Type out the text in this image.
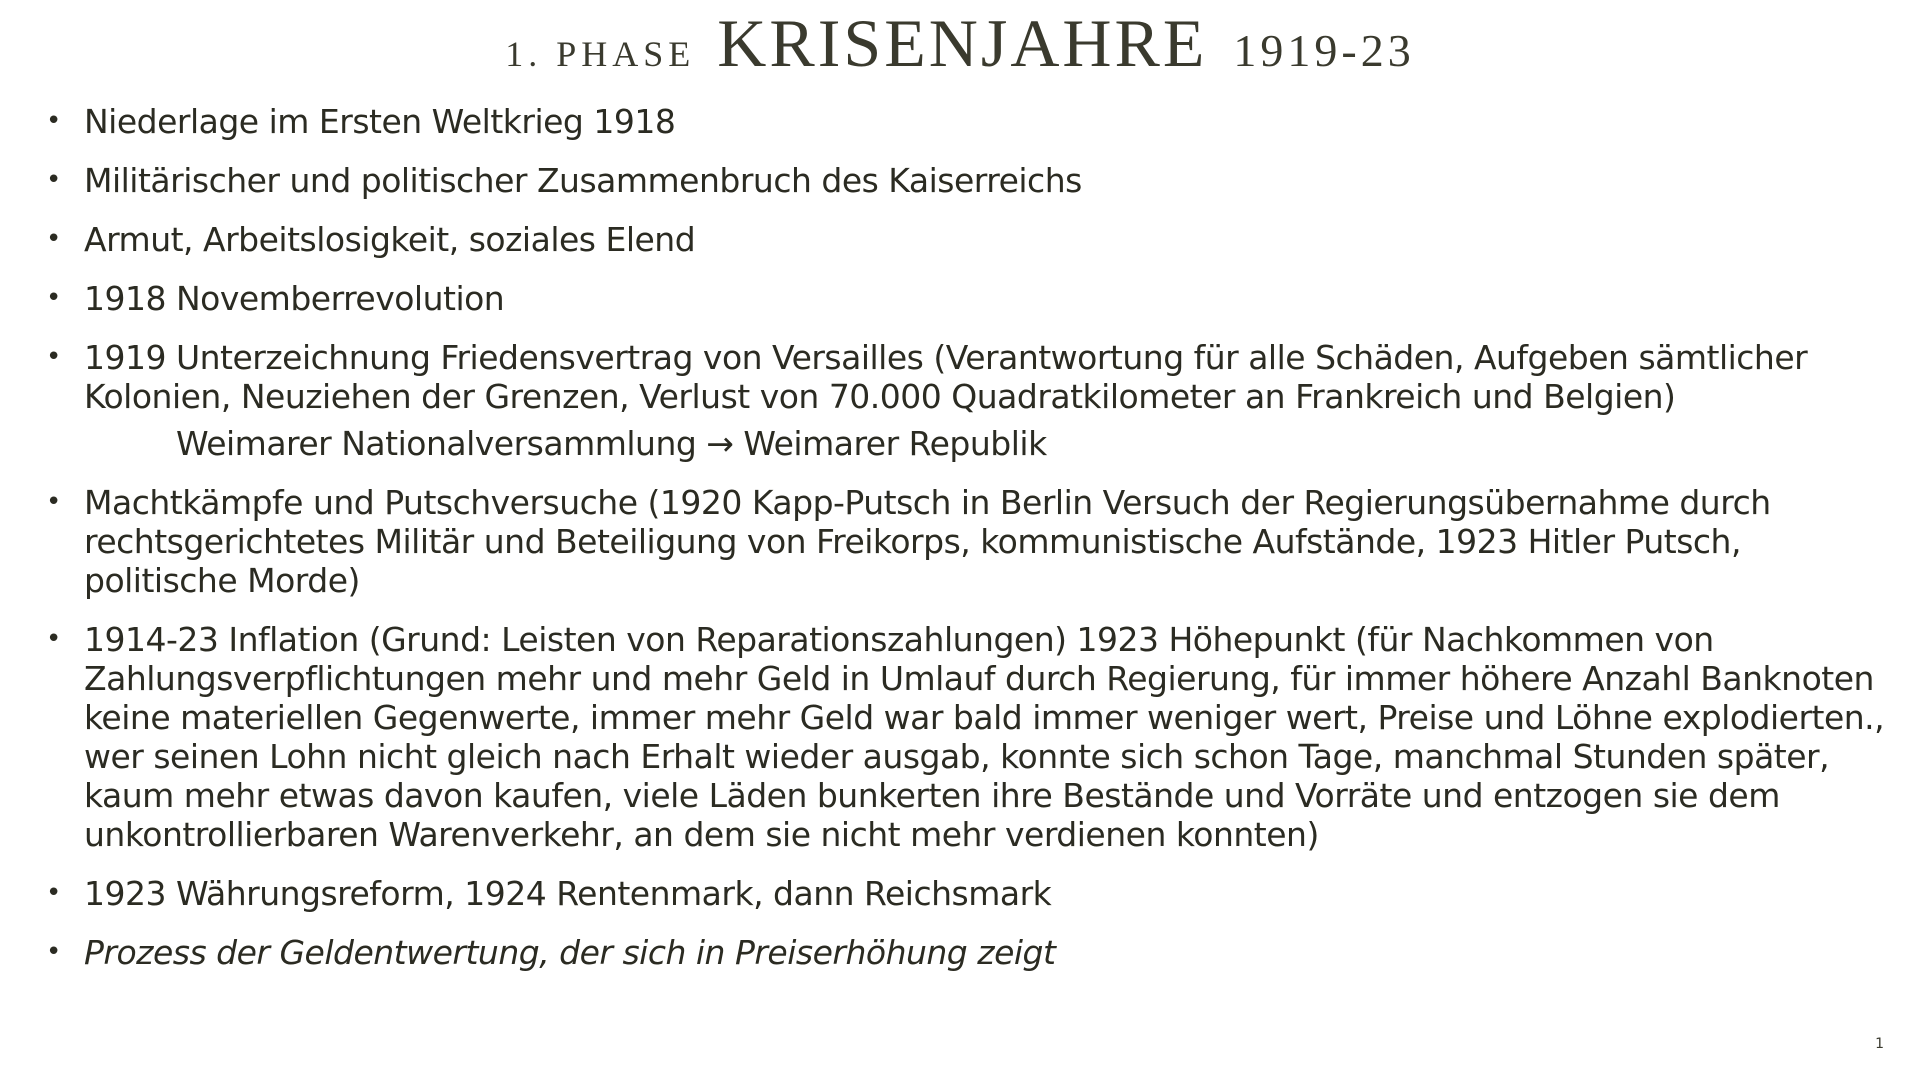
1. PHASE KRISENJAHRE 1919-23
• Niederlage im Ersten Weltkrieg 1918
• Militärischer und politischer Zusammenbruch des Kaiserreichs
• Armut, Arbeitslosigkeit, soziales Elend
• 1918 Novemberrevolution
• 1919 Unterzeichnung Friedensvertrag von Versailles (Verantwortung für alle Schäden, Aufgeben sämtlicher Kolonien, Neuziehen der Grenzen, Verlust von 70.000 Quadratkilometer an Frankreich und Belgien)
Weimarer Nationalversammlung → Weimarer Republik
• Machtkämpfe und Putschversuche (1920 Kapp-Putsch in Berlin Versuch der Regierungsübernahme durch rechtsgerichtetes Militär und Beteiligung von Freikorps, kommunistische Aufstände, 1923 Hitler Putsch, politische Morde)
• 1914-23 Inflation (Grund: Leisten von Reparationszahlungen) 1923 Höhepunkt (für Nachkommen von Zahlungsverpflichtungen mehr und mehr Geld in Umlauf durch Regierung, für immer höhere Anzahl Banknoten keine materiellen Gegenwerte, immer mehr Geld war bald immer weniger wert, Preise und Löhne explodierten., wer seinen Lohn nicht gleich nach Erhalt wieder ausgab, konnte sich schon Tage, manchmal Stunden später, kaum mehr etwas davon kaufen, viele Läden bunkerten ihre Bestände und Vorräte und entzogen sie dem unkontrollierbaren Warenverkehr, an dem sie nicht mehr verdienen konnten)
• 1923 Währungsreform, 1924 Rentenmark, dann Reichsmark
• Prozess der Geldentwertung, der sich in Preiserhöhung zeigt
1
